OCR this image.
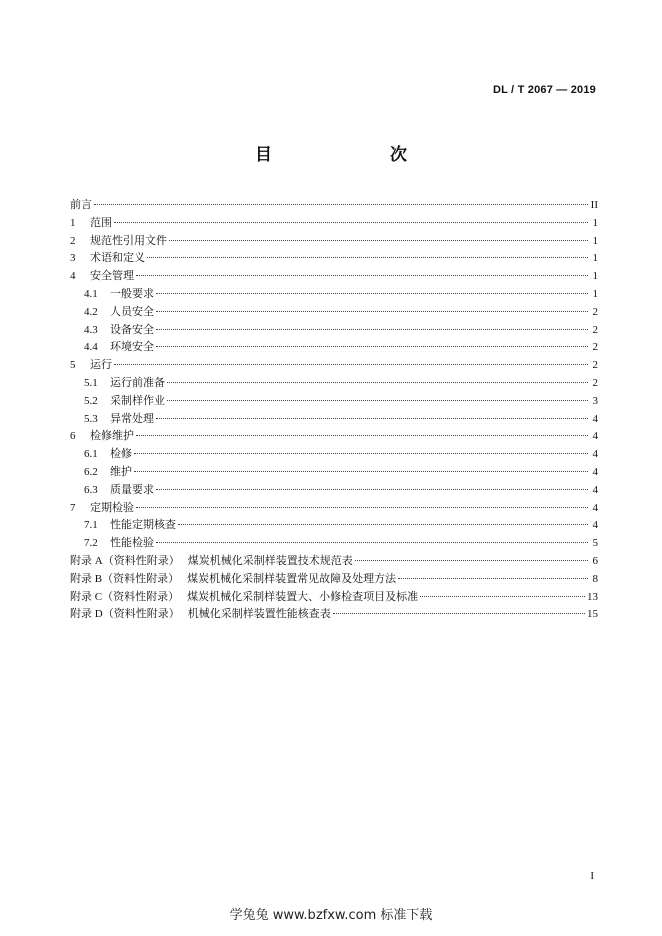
DL / T 2067 — 2019
目　　次
前言	II
1	范围	1
2	规范性引用文件	1
3	术语和定义	1
4	安全管理	1
4.1	一般要求	1
4.2	人员安全	2
4.3	设备安全	2
4.4	环境安全	2
5	运行	2
5.1	运行前准备	2
5.2	采制样作业	3
5.3	异常处理	4
6	检修维护	4
6.1	检修	4
6.2	维护	4
6.3	质量要求	4
7	定期检验	4
7.1	性能定期核查	4
7.2	性能检验	5
附录 A（资料性附录） 煤炭机械化采制样装置技术规范表	6
附录 B（资料性附录） 煤炭机械化采制样装置常见故障及处理方法	8
附录 C（资料性附录） 煤炭机械化采制样装置大、小修检查项目及标准	13
附录 D（资料性附录） 机械化采制样装置性能核查表	15
I
学兔兔 www.bzfxw.com 标准下载
